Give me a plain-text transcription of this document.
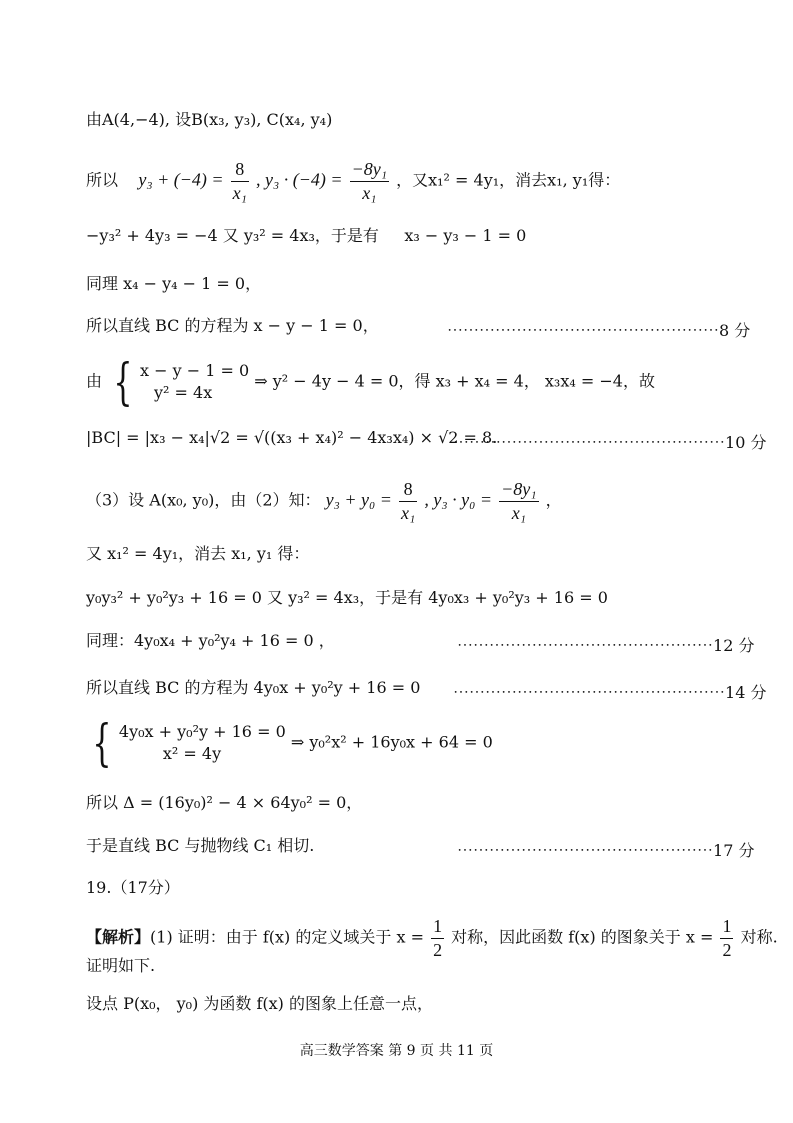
由A(4,−4), 设B(x₃, y₃), C(x₄, y₄)
所以 $y_3 + (-4) = \frac{8}{\text{x₁}}$ , $y_3 \cdot (-4) = \frac{\text{−8y₁}}{\text{x₁}}$ ，又x₁² = 4y₁，消去x₁, y₁得：
−y₃² + 4y₃ = −4 又 y₃² = 4x₃，于是有 x₃ − y₃ − 1 = 0
同理 x₄ − y₄ − 1 = 0，
所以直线 BC 的方程为 x − y − 1 = 0，	⋯⋯⋯⋯⋯⋯⋯⋯⋯⋯⋯⋯⋯⋯⋯⋯⋯8 分
由 { x − y − 1 = 0
y² = 4x
⇒ y² − 4y − 4 = 0，得 x₃ + x₄ = 4， x₃x₄ = −4，故
|BC| = |x₃ − x₄|√2 = √((x₃ + x₄)² − 4x₃x₄) × √2 = 8.
⋯⋯⋯⋯⋯⋯⋯⋯⋯⋯⋯⋯⋯⋯⋯⋯⋯10 分
（3）设 A(x₀, y₀)，由（2）知： $y_3 + y_0 = \frac{8}{\text{x₁}}$ , $y_3 \cdot y_0 = \frac{\text{−8y₁}}{\text{x₁}}$ ，
又 x₁² = 4y₁，消去 x₁, y₁ 得：
y₀y₃² + y₀²y₃ + 16 = 0 又 y₃² = 4x₃，于是有 4y₀x₃ + y₀²y₃ + 16 = 0
同理：4y₀x₄ + y₀²y₄ + 16 = 0 ，	⋯⋯⋯⋯⋯⋯⋯⋯⋯⋯⋯⋯⋯⋯⋯⋯12 分
所以直线 BC 的方程为 4y₀x + y₀²y + 16 = 0 ⋯⋯⋯⋯⋯⋯⋯⋯⋯⋯⋯⋯⋯⋯⋯⋯⋯14 分
{ 4y₀x + y₀²y + 16 = 0
x² = 4y
⇒ y₀²x² + 16y₀x + 64 = 0
所以 Δ = (16y₀)² − 4 × 64y₀² = 0，
于是直线 BC 与抛物线 C₁ 相切.	⋯⋯⋯⋯⋯⋯⋯⋯⋯⋯⋯⋯⋯⋯⋯⋯17 分
19.（17分）
【解析】(1) 证明：由于 f(x) 的定义域关于 $x = \frac{1}{2}$ 对称，因此函数 f(x) 的图象关于 $x = \frac{1}{2}$ 对称.
证明如下.
设点 P(x₀， y₀) 为函数 f(x) 的图象上任意一点，
高三数学答案 第 9 页 共 11 页
